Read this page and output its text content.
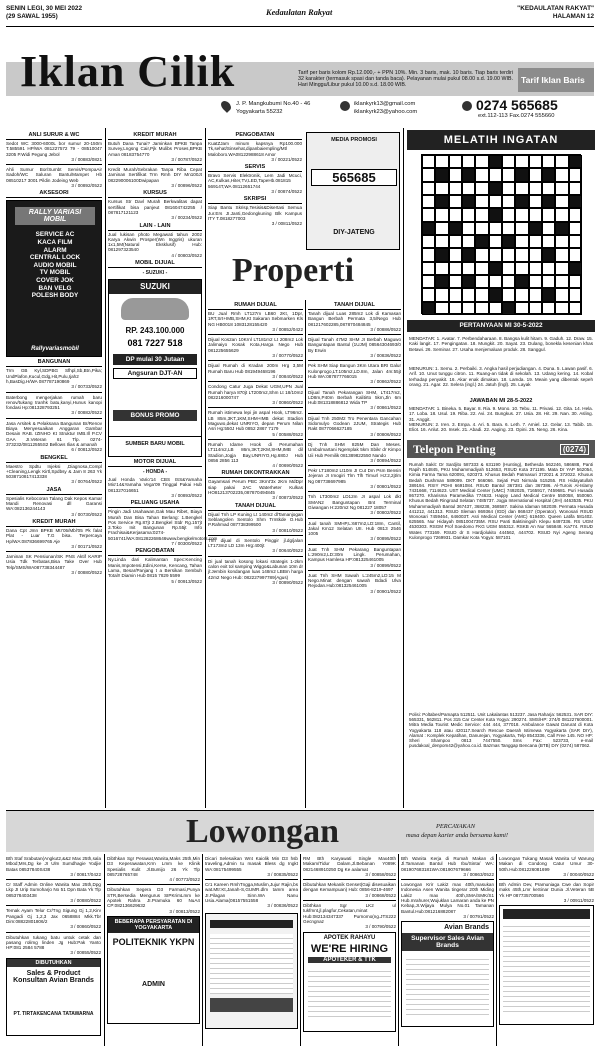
SENIN LEGI, 30 MEI 2022
(29 SAWAL 1955)	Kedaulatan Rakyat	"KEDAULATAN RAKYAT"
HALAMAN 12
Iklan Cilik	Tarif per baris kolom Rp.12.000,- + PPN 10%. Min. 3 baris, mak. 10 baris. Tiap baris terdiri 32 karakter (termasuk spasi dan tanda baca). Pelayanan mulai pukul 08.00 s.d. 19.00 WIB. Hari Minggu/Libur pukul 10.00 s.d. 18.00 WIB.	Tarif Iklan Baris
J. P. Mangkubumi No.40 - 46
Yogyakarta 55232
iklankyrk13@gmail.com
iklankyrk23@yahoo.com	0274 565685
ext.112-113 Fax.0274 555660
ANLI SURUR & WC
Sedot WC 3000-6000L bor sumur 20-150m T.585591 HP/WA 081227572 79 - 08510047 3205 P.Widi Pegung Jebol
3 / 00883/0821
Ahli Sumur Bor/Sumbt Servis/PompaAir Sadoh/WC Saluran Bantu/Mampet Hb 08510217 3001 Pildin Jodeing Web
3 / 00892/0522
AKSESORI
RALLY VARIASI MOBIL
SERVICE AC
KACA FILM
ALARM
CENTRAL LOCK
AUDIO MOBIL
TV MOBIL
COVER JOK
BAN VELG
POLESH BODY
Rallyvariasmobil
BANGUNAN
Trm GB Kyl,SDPBG Sfhpl,Sb,Btn,Pika; UndPlafon,Kucul,Gdg,Hit,Pulu,Ijah2 h,BasDig.H/WA 087787190869
3 / 00733/0522
Baterbong mengerjakan rumah baru renov/tukang tranhk batu,kanyi,Hunus kanopi fondasi Hp:081328793251
3 / 00882/0522
Jasa Arsitek & Pelaksana Bangunan Br/Renov Biaya Menyesuaikan Anggaran Gambar Desain RAB. IZINHO Kt Struktur IMB.Ill P.CV GAA JI.Veteran 61 Tlp. 0274-373232/08112555S2 Bellows Ilias & amanah
6 / 00812/0522
BENGKEL
Maestro Spdtu Injeksi ,Diagnosa,Compl +Cleaning,Lengk Kirtl,Spdbsy & Jam 8 263 Yk 5038710817413338
3 / 00764/0522
JASA
Spesialis Kebocoran Talang Dak Kepos Kamar Mandi Renovasi dll Garansi WA:082136244143
3 / 00730/0522
KREDIT MURAH
Dana Cpt Jmn BPKB Mtr'05/Mbl'05 Pk falat Plat - Luar T.G bisa. Terpercaya Hp/WA:087836699765 Aje
3 / 00171/0522
Jaminan SK Pensiunan/SK PNS Aktif KARIP Usia Tdk Terbatas,Bisa Take Over Hub Telp/SMS/WA087738344487
3 / 00880/0522
KREDIT MURAH
Butuh Dana Tunai? Jaminkan BPKB Tanpa Survey,Lngsng Cair,Pjk Mulibs Proses,BPKB Aman 08183754770
3 / 00787/0522
Kredit Murah/Sebrakan Tanpa Riba Cepat Jaminan Sertifikat Trm Rmh DIY Mn100Jt 082290006100Dwipapan
3 / 00896/0522
KURSUS
Kursus Str Davl Murah Berkwalitas dapat sertifikat bisa panjeut 081604742255 / 087817121123
3 / 00234/0522
LAIN - LAIN
Jual lukisan photo Megawati tahun 2002 Karya Akwin Prosper(Wn Inggris) ukuran 1x1,5M(Natural Eksklusif) Hub: 081297323540
4 / 00803/0522
MOBIL DIJUAL
- SUZUKI -
SUZUKI
RP. 243.100.000
081 7227 518
DP mulai 30 Jutaan
Angsuran DJT-AN
BONUS PROMO
SUMBER BARU MOBIL
MOTOR DIJUAL
- HONDA -
Jual Honda Vario'14 CBS ISS&Yamaha Mio'14&Yamaha Vega'09 Tinggal Pakai Hub 081327016651
3 / 00893/0522
PELUANG USAHA
Pingin Jadi Usahawan,Gak Mau Ribet, Biaya Murah Dan Bisa Tahan Berlang: 1.Bengkel Pos Service Rg.87jt 2.Bengkel Stdr Rg.157jt 3.Toko Init Bangunan Rp.55jt Info Frachisai&Kerjasama:0274-5016741/WA:081282268646www.bengkelmotors.com
7 / 00300/0522
PENGOBATAN
Ny.Linda dari Kalimantan Spec:Kencing Manis,Impotensi,Edini,Kerse, Kencang, Tahan Lama, Besar/Panjang t a Bersikan Sembuh Total!! Diamin Hub 0815 7829 5599
5 / 00913/0522
PENGOBATAN
KuatZJam minum kapsnya Rp100.000 Tk,sehat/Sinsehat,dipanbaiempling/Mtl Maloboro.WA08122988618 Amor
3 / 00221/0522
SERVIS
Bravo Servis Elektronik, Lem Jadi Mcuci, AC,Kulkas,Hiter,TV,LED,TapeHb.081815 56914T,WA 08112651744
3 / 00874/0522
SKRIPSI
Siap Bantu Skrisp,Tesisis&Disertasi Semua Jur.Ers JI.Janti,Gedongkuning Blk Kampus ITY T.0818277003
3 / 00811/0522
MEDIA PROMOSI
565685
DIY-JATENG
Properti
RUMAH DIJUAL
BU Jual Rmh LT127m LB60 2Kt, 1Dpr, 1RT,Srt+IMB,SHM,Kt Sakaran Sebmarken Kls NG HB0018 1083128155420
3 / 00852/0422
Dijual Kos2an 10Krnl LT181m2 Lt 208m2 Lok Jalimaiyo Kosak Kota,Harga Nego Hub 081225655629
3 / 00770/0522
Dijual Rumah di Kradan 200m Hrg 3,5M Rumah Baru Hub 081949468196
3 / 00840/0522
Condong Catur Juga Dekat UGM,UPN Jual Rumah harya 870jt LT200m2,Shm Lt 18/10m2 082216000747
3 / 00860/0522
Rumah istimewa lepi jin aspal Hook, LT96m2. LB 85m,3KT,1KM,SHM+IMB dekat Stadion Maguwo,dekat UNRIYO, depan Perum Nilan Asri Hg:550J Hub 0852 2867 7179
5 / 00588/0522
Rumah Idame Hook di Perumahan LT114m2,LB 86m,3KT,2KM,SHM,IMB dil Stadion,Jogja Bay,UNRIYO,Hg.680J Hub 0856 2856 113
4 / 00690/0522
RUMAH DIKONTRAKKAN
Gayamsari Perum PBC 3Kmt'3x 2Km MdDpr siap pakai 2AC Waterheter Kulkas HO81213702235,087870494845
3 / 00873/0522
TANAH DIJUAL
Dijual Tnh LP Kuning Lt 140m2 dlTamanjogan Seblangolen Sentolo Shm Trmtkde O.Hub P.Rahmad 087738399500
3 / 00810/0522
Tnh dijual di Sentolo Pinggir jl.dg/jalan LT173m2 LD 13m Hrg:400jt
3 / 00640/0522
Di jual tanah kosong lokasi strategis 1-2km calon exit tol samping Wiggo&Labunan 10m dr jl:Jembin kondangan luas 148m2 LBBm harga 42m2 Nego Hub: 082227997789(Agus)
3 / 00890/0522
TANAH DIJUAL
Tanah dijual Luas 285m2 Lok di Kamasan Bangun Berbah Permata 3,5/Nego Hub 081217602285,087870484845
3 / 00886/0522
Dijual Tanah 47M2 SHM JI Berbah Maguwo Banguntapan Bantul (1UJM) 08564304693/0 By Erwin
3 / 00836/0522
Pek SHM Siap Bangun 3Km Utara BRI Galur Kulonprogo,LT.105m2,LD.8m, Jalan 4m:55jt Hub WA:087877766015
3 / 00862/0522
Dijual Tanah Pekarangan SHM, LT417m2, LD8m,P40m Berbah Kalitirto 5km,Jln 6m Hub:081318886812 Wida TP
3 / 00861/0522
Dijual Tnh 250M2 Tro Penentara Gancahan Sidomulyo Godean 2JUM, Strategis Hub Rakt 0877066627185
3 / 00806/0522
Dj Tnh SHM 825M Dan Meses. Umbulmartani Ngemplak 5km Sbikr dr Kimpo Uii Hub Pemilik 081389822550 Nando
3 / 00894/0522
Pekr LT180m2 Lt10m JI Cut Dm Psm Bensin Jejeran JI Imogiri Tlm Tlh Timurl HJ:2,2jt/m Ng 087738697985
3 / 00801/0522
Tnh LT300m2 LD12m JI aspal Lok dkt SMAN2 Banguntapan Bnt Terminal Giwangan H:220m2 Ng 081227 18057
3 / 00802/0522
Jual tanah SMHP,L:687m2,LD:18m, Cantil, Jakal Km12 Selatan UII. Hub 0813 2546 1005
3 / 00895/0522
Juat Tnh SHM Pekarang Banguntapan L:290m2,LD:30m Lingk. Perumahan, Kampus Hamlesa HP:081325461005
3 / 00899/0522
Juat Tnh SHM Sawah L:245m2,LD:15 M Nego.Minat dengan sawah Bdadi Ulva Rejodan.Hub:081325461005
3 / 00901/0522
MELATIH INGATAN
PERTANYAAN MI 30-5-2022
MENDATAR: 1. Avatar. 7. Perbendaharaan. 8. Bangsa kulit hitam. 9. Gaduh. 12. Draw. 15. Kaki langit. 17. Pengingatan. 18. Mungkit. 20. Sayat. 23. Dulang, bonekla kesenian khas Betawi. 26. Seminar. 27. Usaha menjemaluan produk. 28. Sanggul.
MENURUN: 1. Semu. 2. Perbaiki. 3. Angka hasil perjudiangan. 4. Duna. 5. Lawan pasif. 6. Arif. 10. Unut tunggu citron. 11. Ruang-an tidak di sekolah. 13. Udang kering. 14. Kobal terhadap penyakit. 16. Akar enak dimakan. 18. Lamda. 19. Meain yang dibentuk sepeh orang. 21. Agar. 22. Selera (ingl.) 24. Jatuh (lngl). 25. Layak
JAWABAN MI 28-5-2022
MENDATAR: 1. Bineka. 5. Bayar. 8. Ria. 9. Mono. 10. Tebu. 11. Privasi. 12. Gita. 14. Hela. 17. Loba. 18. Usul. 19. Riba. 22. Avi. 24. Bungkus. 27. Usia. 28. Hit. 29. Nan. 30. Asling. 31. Anggit.
MENURUN: 2. Iren. 3. Empa. 4. Ari. 5. Bara. 6. Leth. 7. Amiel. 12. Gelar. 13. Tabib. 15. Eliot. 16. Anlut. 20. Insek. 21. Abadi. 22. Aaging. 23. Opini. 25. Neng. 26. Kina.
Telepon Penting	(0274)
Rumah Sakit: Dr Sardjito 587333 & 631190 (Hunting), Bethesda 562246, 586688, Panti Rapih 514845, PKU Muhammadiyah 512653, RSUD Kota 371195. Mata Dr YAP 562054, Kimia Farma Tama 620091, 620373. Khusus Bedah Patmasuri 372021 & 372022. Khusus Bedah Dushman 589099. DKT 566066. Sejati Putt Nirmala 515255. RS Hidayatullah 389194. RSIY PDHI 6691084. RSUD Bantul 367381 dan 367386. Al-Turois Al-Islamy 7431668, 7114623. UST Medical Center (UMC) 7492025, 7165917, 7459681. Puri Husada 867270. Kharisma Paramedika 774633. Happy Land Medical Centre 550058, 550060. Khusus Bedah Ringroad Selatan 7485737. Jogja International Hospital (JIH) 4463535. PKU Muhammadiyah Bantul 367437, 368238, 368587. Sakina Idaman 582039. Permata Husada 441212, 441313. RSUD Sleman 869364 (IGD) dan 868437 (Operator). Wonosari RSUD Wonosari 7459464, 646003T. Asri Medical Center (AMC) 619400. Queen Latifa 581402. 625565. Nur Hidayah 0851004735M. RSU Panti Baktiningsih Klepu 6497336. RS UGM 4530303. RSGM Prof Soedomo FKG UGM 555312. RSKB An Nur 565848. Ka774. RSUD Wates 773169. RSUD dr S Hardjolukito 444562, 444702. RSUD Nyi Ageng Serang Kulonprogo 7269931. Damkar Kota Yogya: 587101
Polisi: Poltabes/Pamapta 512511. Unit Lakalantas 513237. Jasa Raharja: 562531. SAR DIY: 565331, 562811. Pos 315 Car Center Kota Yogya: 290274. SMS/HP: 274/0 081227600001. Mitra Media Tourist Medic Service: 444 444, 377018. Ambulance Gawat Darurat di Kota Yogyakarta 118 atau 420117.Search Rescue Daerah Istimewa Yogyakarta (SAR DIY), Alamat : Komplek Kepatihan, Danurejan, Yogyakarta, Telp 8543336, Call Free 145. NO HP: Sheri Shampoo 0813 7447550. Sms Fax: 523733, e-mail pusdakoal_denpom42@yahoo.co.id. Bazmas Tanggap Bencana (BTB) DIY (0274) 587062.
Lowongan	PERCAYAKAN
masa depan karier anda bersama kami!
Bth Staf Srabutan(Angkut2,&&2 Max 25th,sala Mbod;Mrs,Dg ke JI Ulm Sumdhagie Yodjie Batas 08537840S438
3 / 00817/0422
Cr Staff Admin Online Wanita Max 25th,Dpg Lkp JI Urip Sumoharjo No 51 Dpn Bata Yk Tlp 085378403438
3 / 00880/0522
Temak Ayam Telur Cr/Tng Sigung Gj 1,2,Kirv Pangadi Gj 1,2,3 Jax 0658884 Mkk.Tbr Dim:08822801806/2
3 / 00860/0522
Dibutuhkan tukang batu untuk cetak dan pasang rolimg linden Jg Hub:Pak Yanto HP:081 2584 5788
3 / 00855/0522
DIBUTUHKAN
Sales & Product Konsultan Avian Brands
PT. TIRTAKENCANA TATAWARNA
Dibthkan Sgr Perawat,Wanita,Maks 25th,Min D3 Keperawatan,Krm Lmm ke Klinik Spesialis Kulit Jl.Bumijo 26 Yk Tlp 085728765748
4 / 00773/0522
Dibutuhkan Segera D3 Farmasi,Punya STR,Bersedia Mengurus SIPKrimLmm ke Apotek Rahra JI.Pramuka 60 NuA4 CP:082136629632
3 / 00813/0522
BEBERAPA PERSYARATAN DI YOGYAKARTA
POLITEKNIK YKPN
ADMIN
Dicari Selesaikan Wnt Kaiolik Min D3 hsb traveling,Admin tu masak Bless dg Ingkt WA:08175499555
3 / 00835/0522
Cr1 Kareen RmhTngga,Muslim,Jujur Rajin,bs wat.Mtr:Kt,Janah-S,GUMR.dlm tamm area JI.Pilagan Sinn.WA Nanu Usia.Alama(08157551558
3 / 00836/0522
RM Bth Karyawati Single Max40th Makam/Tidur Dalam,Jl.Bebanan Y089K 0821468910250 Dg Ke aalamat
3 / 00858/0522
Dibutuhkan Mekanik Genset(Gaji disesuaikan dengan Kemampuan) Hub: 0856-8219-4697
3 / 00868/0522
Dibthkan Sgr LK2 ul tukfmnt,jl.plagfur,Cekatan,minat Hub:082134347337 Purnomo(ng.JTS222 Gecngnaz
3 / 00790/0522
APOTEK RAHAYU
WE'RE HIRING
APOTEKER & TTK
Bth Wanita Kerja di Rumah Makan di Jl.Tamanan Bantul Hub Ibu/Sinta/ WA: 081907683181WA:081907679666
3 / 00863/0522
Lowongan Krir Laki2 max 40th,masukan Indonesia Asen Wanita tingerar 20th Miding Laki2 max 40th,SMA/SMK/S1 Hub.mrahurer,Wujuklan Lamaran anda ke PN Kebap,JI.Wijaya Mulya No.01 Tamanan Bantul.Hub:081216882087
3 / 00791/0522
Avian Brands
Supervisor Sales Avian Brands
Lowongan Tukang Masak Wanita U/ Warung Makan di Condong Catur Umur 30-50th.Hub:081226081699
3 / 00040/0522
Bth Admin Dev, Pramuniaga Cwe dan Sopir maks 45th,Lmr keSinar Dunia Jl.Veteran 5B Yk HP 087735700566
3 / 00911/0522
